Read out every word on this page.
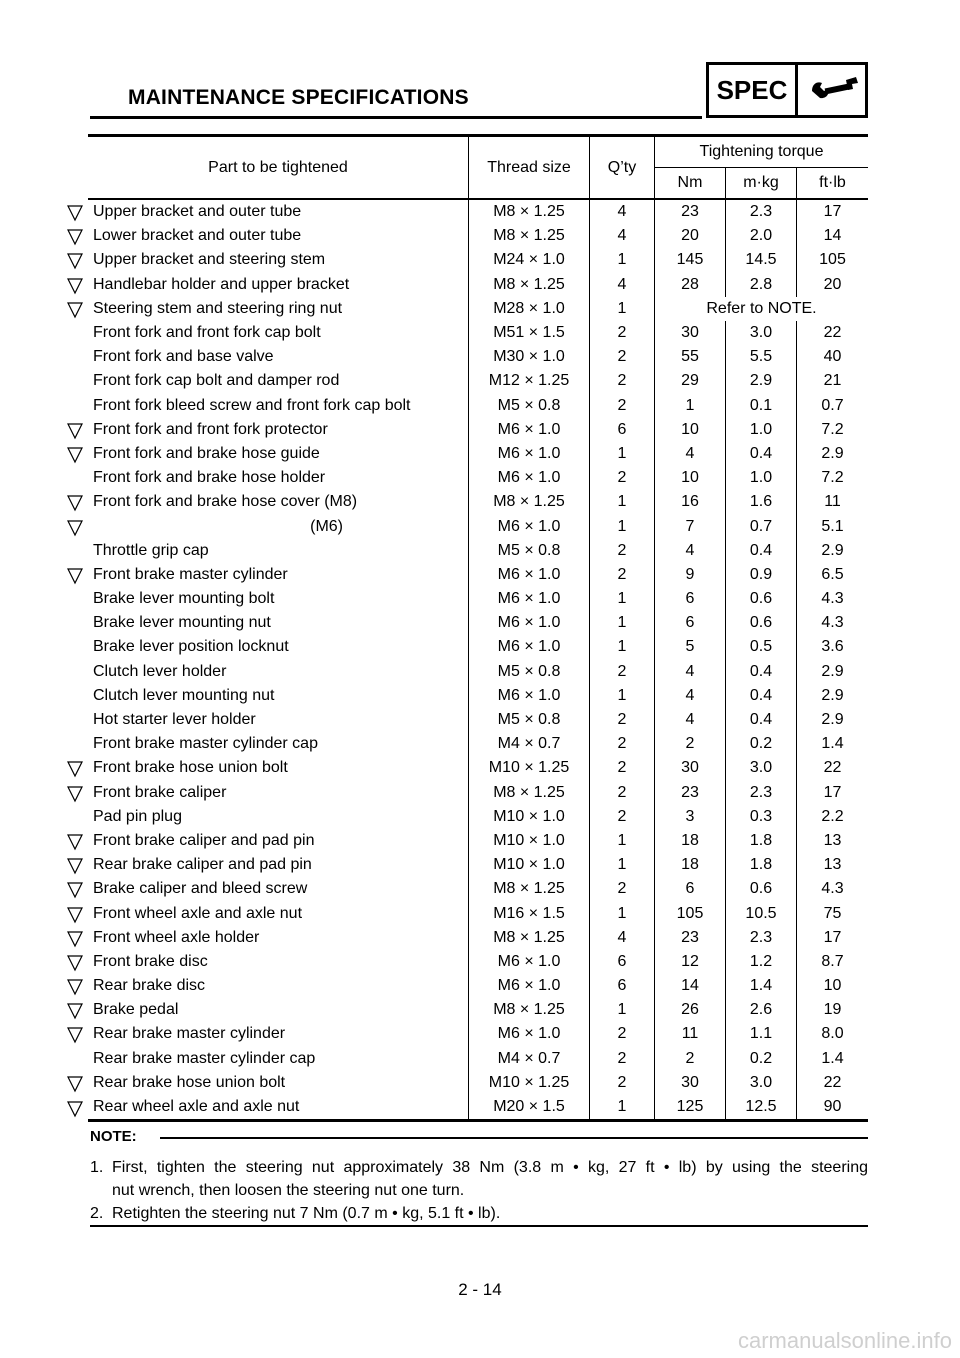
MAINTENANCE SPECIFICATIONS	SPEC
Part to be tightened	Thread size	Q’ty	Tightening torque		
			Nm	m·kg	ft·lb
Upper bracket and outer tube	M8 × 1.25	4	23	2.3	17
Lower bracket and outer tube	M8 × 1.25	4	20	2.0	14
Upper bracket and steering stem	M24 × 1.0	1	145	14.5	105
Handlebar holder and upper bracket	M8 × 1.25	4	28	2.8	20
Steering stem and steering ring nut	M28 × 1.0	1	Refer to NOTE.		
Front fork and front fork cap bolt	M51 × 1.5	2	30	3.0	22
Front fork and base valve	M30 × 1.0	2	55	5.5	40
Front fork cap bolt and damper rod	M12 × 1.25	2	29	2.9	21
Front fork bleed screw and front fork cap bolt	M5 × 0.8	2	1	0.1	0.7
Front fork and front fork protector	M6 × 1.0	6	10	1.0	7.2
Front fork and brake hose guide	M6 × 1.0	1	4	0.4	2.9
Front fork and brake hose holder	M6 × 1.0	2	10	1.0	7.2
Front fork and brake hose cover (M8)	M8 × 1.25	1	16	1.6	11
(M6)	M6 × 1.0	1	7	0.7	5.1
Throttle grip cap	M5 × 0.8	2	4	0.4	2.9
Front brake master cylinder	M6 × 1.0	2	9	0.9	6.5
Brake lever mounting bolt	M6 × 1.0	1	6	0.6	4.3
Brake lever mounting nut	M6 × 1.0	1	6	0.6	4.3
Brake lever position locknut	M6 × 1.0	1	5	0.5	3.6
Clutch lever holder	M5 × 0.8	2	4	0.4	2.9
Clutch lever mounting nut	M6 × 1.0	1	4	0.4	2.9
Hot starter lever holder	M5 × 0.8	2	4	0.4	2.9
Front brake master cylinder cap	M4 × 0.7	2	2	0.2	1.4
Front brake hose union bolt	M10 × 1.25	2	30	3.0	22
Front brake caliper	M8 × 1.25	2	23	2.3	17
Pad pin plug	M10 × 1.0	2	3	0.3	2.2
Front brake caliper and pad pin	M10 × 1.0	1	18	1.8	13
Rear brake caliper and pad pin	M10 × 1.0	1	18	1.8	13
Brake caliper and bleed screw	M8 × 1.25	2	6	0.6	4.3
Front wheel axle and axle nut	M16 × 1.5	1	105	10.5	75
Front wheel axle holder	M8 × 1.25	4	23	2.3	17
Front brake disc	M6 × 1.0	6	12	1.2	8.7
Rear brake disc	M6 × 1.0	6	14	1.4	10
Brake pedal	M8 × 1.25	1	26	2.6	19
Rear brake master cylinder	M6 × 1.0	2	11	1.1	8.0
Rear brake master cylinder cap	M4 × 0.7	2	2	0.2	1.4
Rear brake hose union bolt	M10 × 1.25	2	30	3.0	22
Rear wheel axle and axle nut	M20 × 1.5	1	125	12.5	90
NOTE:
1. First, tighten the steering nut approximately 38 Nm (3.8 m • kg, 27 ft • lb) by using the steering
nut wrench, then loosen the steering nut one turn.
2. Retighten the steering nut 7 Nm (0.7 m • kg, 5.1 ft • lb).
2 - 14
carmanualsonline.info
